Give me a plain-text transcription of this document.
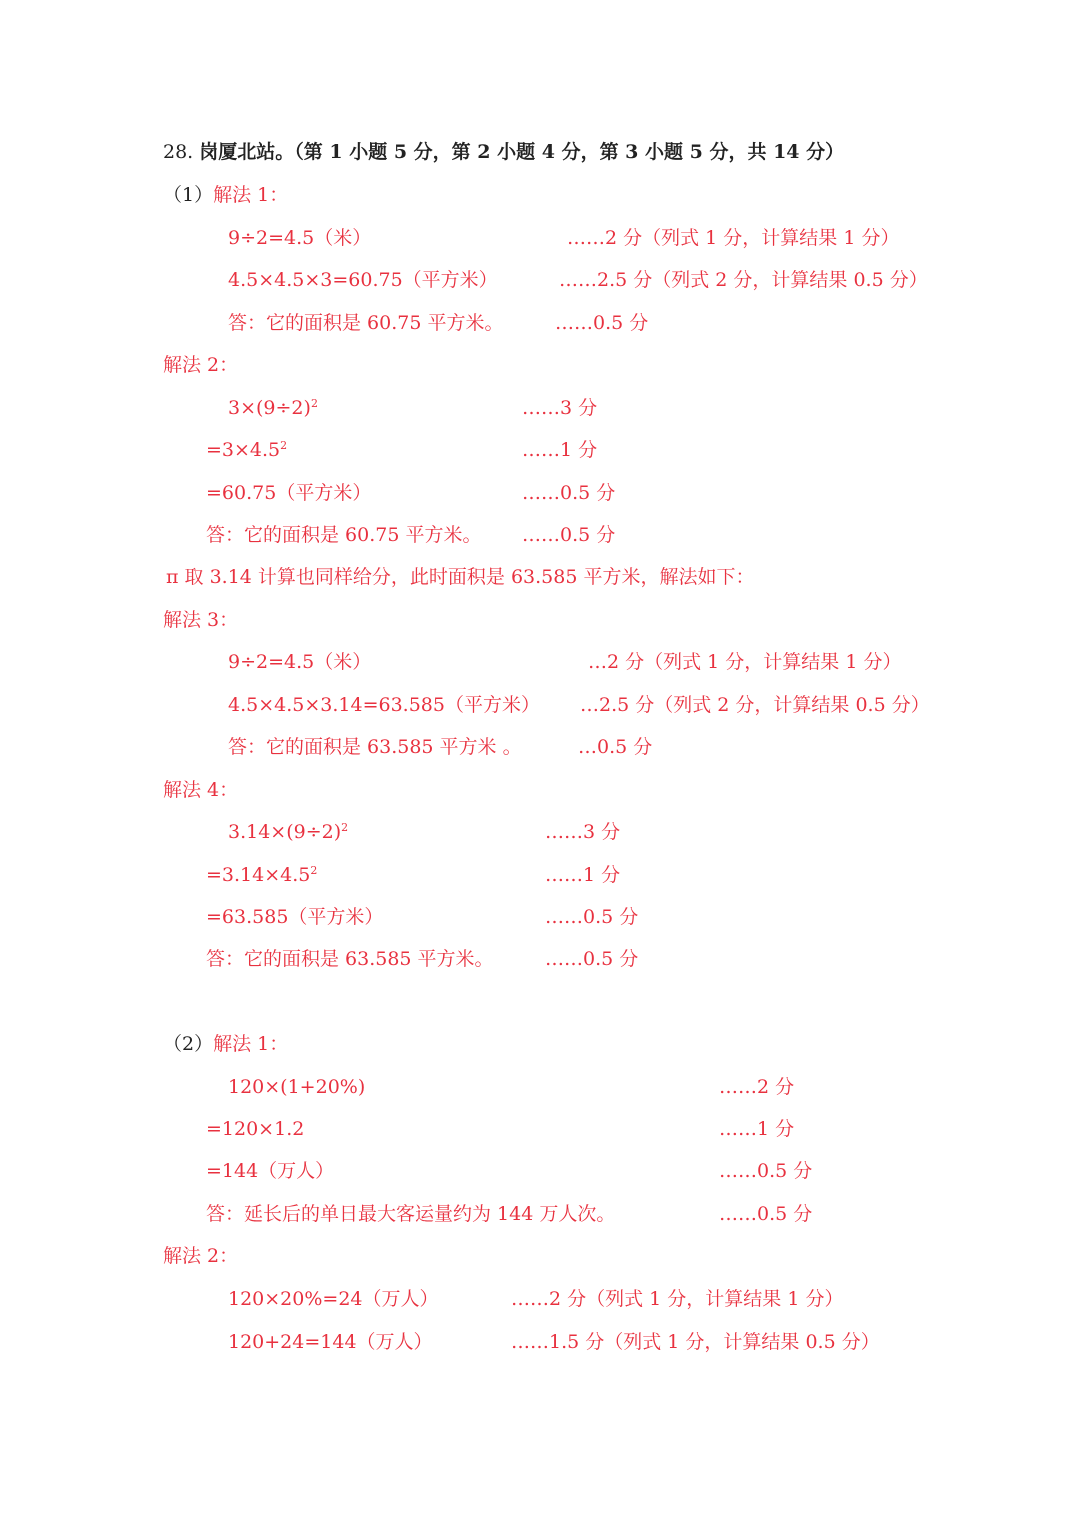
28. 岗厦北站。（第 1 小题 5 分，第 2 小题 4 分，第 3 小题 5 分，共 14 分）
（1）解法 1：
9÷2=4.5（米）	……2 分（列式 1 分，计算结果 1 分）
4.5×4.5×3=60.75（平方米）	……2.5 分（列式 2 分，计算结果 0.5 分）
答：它的面积是 60.75 平方米。	……0.5 分
解法 2：
$3\times(9\div 2)^2$	……3 分
$=3\times 4.5^2$	……1 分
=60.75（平方米）	……0.5 分
答：它的面积是 60.75 平方米。 ……0.5 分
π 取 3.14 计算也同样给分，此时面积是 63.585 平方米，解法如下：
解法 3：
9÷2=4.5（米）	…2 分（列式 1 分，计算结果 1 分）
4.5×4.5×3.14=63.585（平方米） …2.5 分（列式 2 分，计算结果 0.5 分）
答：它的面积是 63.585 平方米 。	…0.5 分
解法 4：
$3.14\times(9\div 2)^2$	……3 分
$=3.14\times 4.5^2$	……1 分
=63.585（平方米）	……0.5 分
答：它的面积是 63.585 平方米。	……0.5 分
（2）解法 1：
120×(1+20%)	……2 分
=120×1.2	……1 分
=144（万人）	……0.5 分
答：延长后的单日最大客运量约为 144 万人次。	……0.5 分
解法 2：
120×20%=24（万人）	……2 分（列式 1 分，计算结果 1 分）
120+24=144（万人）	……1.5 分（列式 1 分，计算结果 0.5 分）
